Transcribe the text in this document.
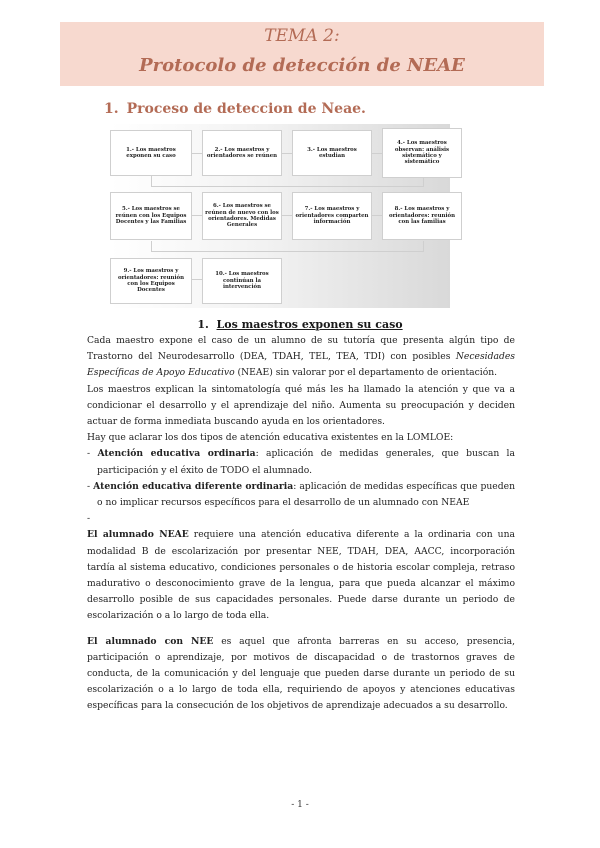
TEMA 2:
Protocolo de detección de NEAE
1. Proceso de deteccion de Neae.
1.- Los maestros exponen su caso
2.- Los maestros y orientadores se reúnen
3.- Los maestros estudian
4.- Los maestros observan: análisis sistemático y sistemático
5.- Los maestros se reúnen con los Equipos Docentes y las Familias
6.- Los maestros se reúnen de nuevo con los orientadores. Medidas Generales
7.- Los maestros y orientadores comparten información
8.- Los maestros y orientadores: reunión con las familias
9.- Los maestros y orientadores: reunión con los Equipos Docentes
10.- Los maestros continúan la intervención
1. Los maestros exponen su caso

Cada maestro expone el caso de un alumno de su tutoría que presenta algún tipo de Trastorno del Neurodesarrollo (DEA, TDAH, TEL, TEA, TDI) con posibles Necesidades Específicas de Apoyo Educativo (NEAE) sin valorar por el departamento de orientación.

Los maestros explican la sintomatología qué más les ha llamado la atención y que va a condicionar el desarrollo y el aprendizaje del niño. Aumenta su preocupación y deciden actuar de forma inmediata buscando ayuda en los orientadores.

Hay que aclarar los dos tipos de atención educativa existentes en la LOMLOE:

- Atención educativa ordinaria: aplicación de medidas generales, que buscan la participación y el éxito de TODO el alumnado.

- Atención educativa diferente ordinaria: aplicación de medidas específicas que pueden o no implicar recursos específicos para el desarrollo de un alumnado con NEAE

-

El alumnado NEAE requiere una atención educativa diferente a la ordinaria con una modalidad B de escolarización por presentar NEE, TDAH, DEA, AACC, incorporación tardía al sistema educativo, condiciones personales o de historia escolar compleja, retraso madurativo o desconocimiento grave de la lengua, para que pueda alcanzar el máximo desarrollo posible de sus capacidades personales. Puede darse durante un periodo de escolarización o a lo largo de toda ella.

El alumnado con NEE es aquel que afronta barreras en su acceso, presencia, participación o aprendizaje, por motivos de discapacidad o de trastornos graves de conducta, de la comunicación y del lenguaje que pueden darse durante un periodo de su escolarización o a lo largo de toda ella, requiriendo de apoyos y atenciones educativas específicas para la consecución de los objetivos de aprendizaje adecuados a su desarrollo.

- 1 -
